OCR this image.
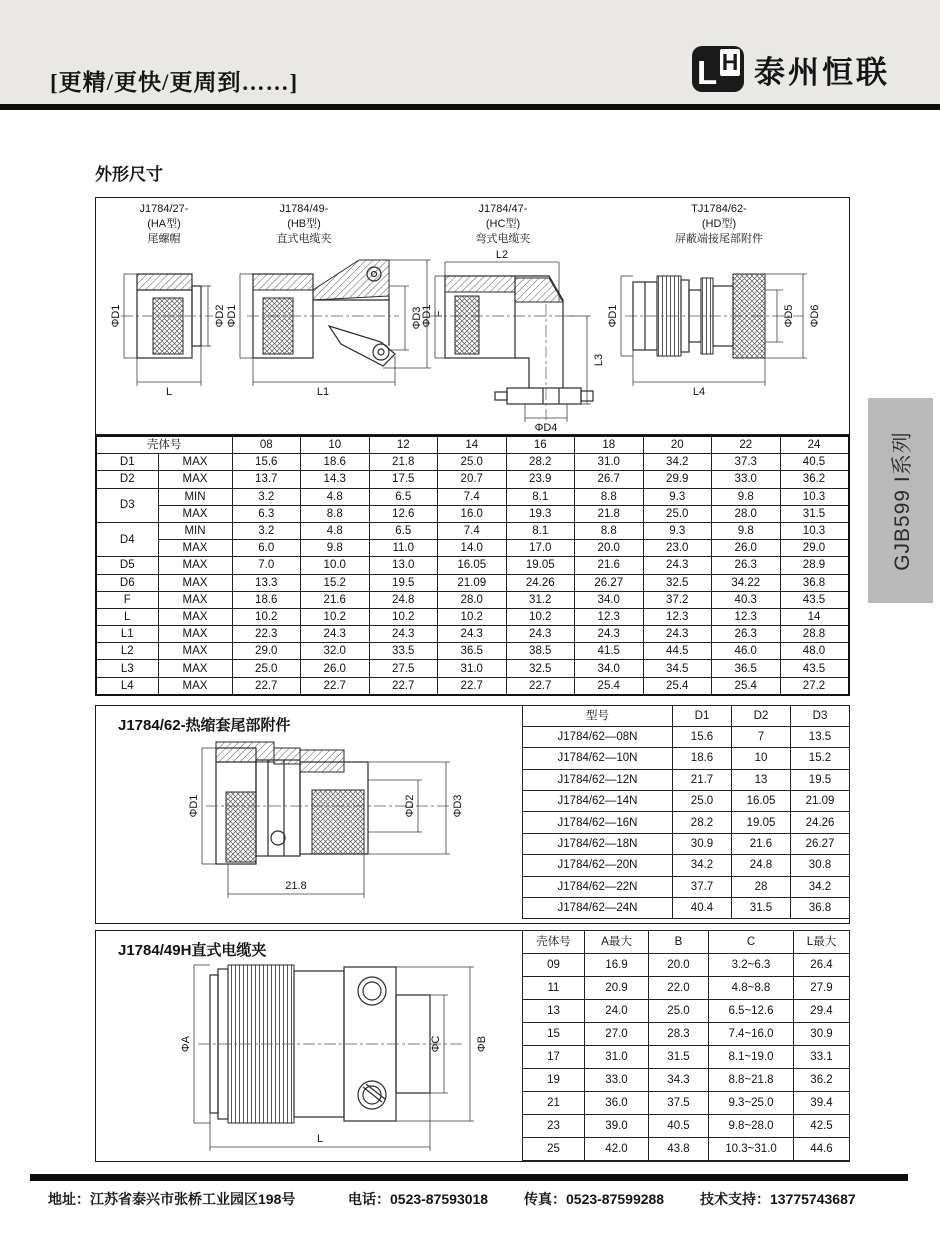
[更精/更快/更周到……]	L H 泰州恒联
外形尺寸
J1784/27-
(HA型)
尾螺帽
J1784/49-
(HB型)
直式电缆夹
J1784/47-
(HC型)
弯式电缆夹
TJ1784/62-
(HD型)
屏蔽端接尾部附件
ΦD1	ΦD2
L
ΦD1	ΦD3 F
L1
L2
ΦD1
L3
ΦD4
ΦD1	ΦD5 ΦD6
L4
壳体号		08	10	12	14	16	18	20	22	24
D1	MAX	15.6	18.6	21.8	25.0	28.2	31.0	34.2	37.3	40.5
D2	MAX	13.7	14.3	17.5	20.7	23.9	26.7	29.9	33.0	36.2
D3	MIN	3.2	4.8	6.5	7.4	8.1	8.8	9.3	9.8	10.3
	MAX	6.3	8.8	12.6	16.0	19.3	21.8	25.0	28.0	31.5
D4	MIN	3.2	4.8	6.5	7.4	8.1	8.8	9.3	9.8	10.3
	MAX	6.0	9.8	11.0	14.0	17.0	20.0	23.0	26.0	29.0
D5	MAX	7.0	10.0	13.0	16.05	19.05	21.6	24.3	26.3	28.9
D6	MAX	13.3	15.2	19.5	21.09	24.26	26.27	32.5	34.22	36.8
F	MAX	18.6	21.6	24.8	28.0	31.2	34.0	37.2	40.3	43.5
L	MAX	10.2	10.2	10.2	10.2	10.2	12.3	12.3	12.3	14
L1	MAX	22.3	24.3	24.3	24.3	24.3	24.3	24.3	26.3	28.8
L2	MAX	29.0	32.0	33.5	36.5	38.5	41.5	44.5	46.0	48.0
L3	MAX	25.0	26.0	27.5	31.0	32.5	34.0	34.5	36.5	43.5
L4	MAX	22.7	22.7	22.7	22.7	22.7	25.4	25.4	25.4	27.2
GJB599 I系列
J1784/62-热缩套尾部附件
ΦD1	ΦD2	ΦD3
21.8
型号	D1	D2	D3
J1784/62—08N	15.6	7	13.5
J1784/62—10N	18.6	10	15.2
J1784/62—12N	21.7	13	19.5
J1784/62—14N	25.0	16.05	21.09
J1784/62—16N	28.2	19.05	24.26
J1784/62—18N	30.9	21.6	26.27
J1784/62—20N	34.2	24.8	30.8
J1784/62—22N	37.7	28	34.2
J1784/62—24N	40.4	31.5	36.8
J1784/49H直式电缆夹
ΦA	ΦC	ΦB
L
壳体号	A最大	B	C	L最大
09	16.9	20.0	3.2~6.3	26.4
11	20.9	22.0	4.8~8.8	27.9
13	24.0	25.0	6.5~12.6	29.4
15	27.0	28.3	7.4~16.0	30.9
17	31.0	31.5	8.1~19.0	33.1
19	33.0	34.3	8.8~21.8	36.2
21	36.0	37.5	9.3~25.0	39.4
23	39.0	40.5	9.8~28.0	42.5
25	42.0	43.8	10.3~31.0	44.6
地址：江苏省泰兴市张桥工业园区198号	电话：0523-87593018	传真：0523-87599288	技术支持：13775743687
